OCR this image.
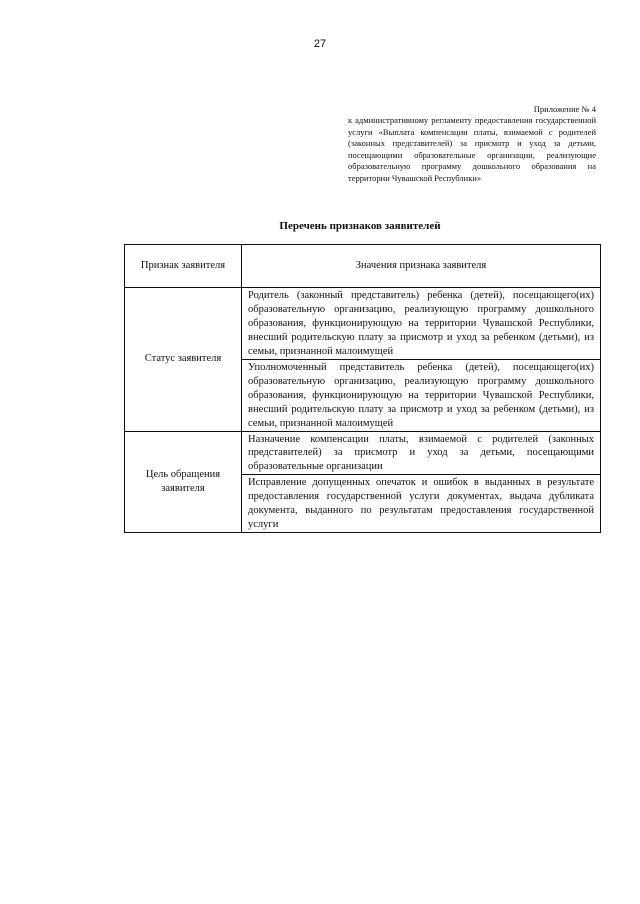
27
Приложение № 4
к административному регламенту предоставления государственной услуги «Выплата компенсации платы, взимаемой с родителей (законных представителей) за присмотр и уход за детьми, посещающими образовательные организации, реализующие образовательную программу дошкольного образования на территории Чувашской Республики»
Перечень признаков заявителей
Признак заявителя	Значения признака заявителя
Статус заявителя	Родитель (законный представитель) ребенка (детей), посещающего(их) образовательную организацию, реализующую программу дошкольного образования, функционирующую на территории Чувашской Республики, внесший родительскую плату за присмотр и уход за ребенком (детьми), из семьи, признанной малоимущей
	Уполномоченный представитель ребенка (детей), посещающего(их) образовательную организацию, реализующую программу дошкольного образования, функционирующую на территории Чувашской Республики, внесший родительскую плату за присмотр и уход за ребенком (детьми), из семьи, признанной малоимущей
Цель обращения заявителя	Назначение компенсации платы, взимаемой с родителей (законных представителей) за присмотр и уход за детьми, посещающими образовательные организации
	Исправление допущенных опечаток и ошибок в выданных в результате предоставления государственной услуги документах, выдача дубликата документа, выданного по результатам предоставления государственной услуги
